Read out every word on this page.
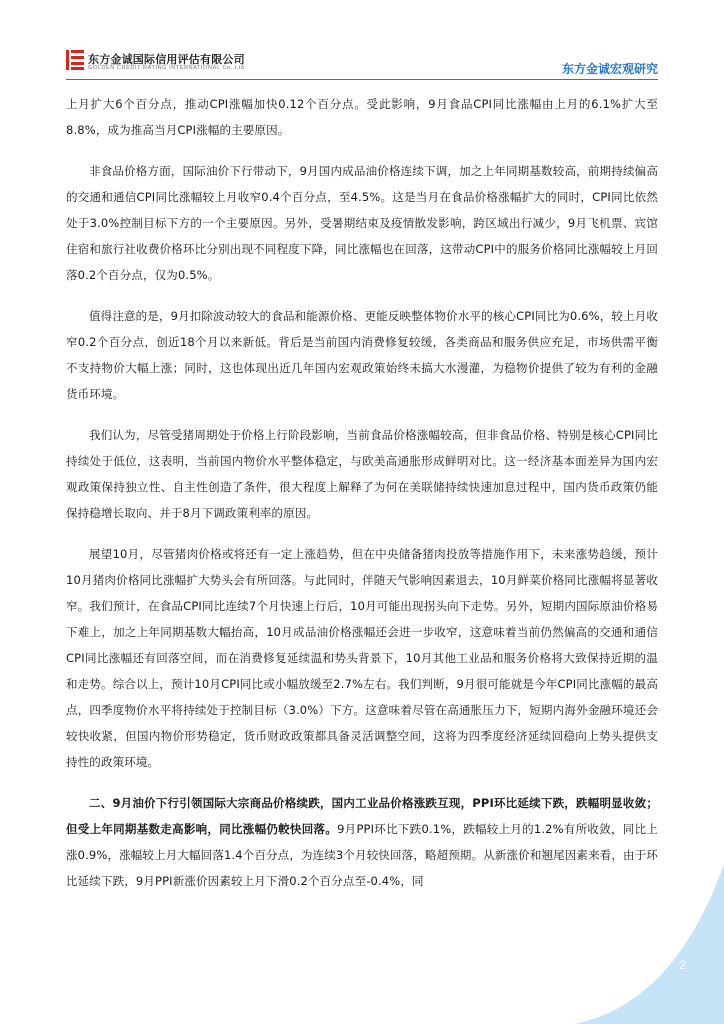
东方金诚国际信用评估有限公司
GOLDEN CREDIT RATING INTERNATIONAL Co.,Ltd.	东方金诚宏观研究

上月扩大6个百分点，推动CPI涨幅加快0.12个百分点。受此影响，9月食品CPI同比涨幅由上月的6.1%扩大至8.8%，成为推高当月CPI涨幅的主要原因。

非食品价格方面，国际油价下行带动下，9月国内成品油价格连续下调，加之上年同期基数较高，前期持续偏高的交通和通信CPI同比涨幅较上月收窄0.4个百分点，至4.5%。这是当月在食品价格涨幅扩大的同时，CPI同比依然处于3.0%控制目标下方的一个主要原因。另外，受暑期结束及疫情散发影响，跨区域出行减少，9月飞机票、宾馆住宿和旅行社收费价格环比分别出现不同程度下降，同比涨幅也在回落，这带动CPI中的服务价格同比涨幅较上月回落0.2个百分点，仅为0.5%。

值得注意的是，9月扣除波动较大的食品和能源价格、更能反映整体物价水平的核心CPI同比为0.6%，较上月收窄0.2个百分点，创近18个月以来新低。背后是当前国内消费修复较缓，各类商品和服务供应充足，市场供需平衡不支持物价大幅上涨；同时，这也体现出近几年国内宏观政策始终未搞大水漫灌，为稳物价提供了较为有利的金融货币环境。

我们认为，尽管受猪周期处于价格上行阶段影响，当前食品价格涨幅较高，但非食品价格、特别是核心CPI同比持续处于低位，这表明，当前国内物价水平整体稳定，与欧美高通胀形成鲜明对比。这一经济基本面差异为国内宏观政策保持独立性、自主性创造了条件，很大程度上解释了为何在美联储持续快速加息过程中，国内货币政策仍能保持稳增长取向、并于8月下调政策利率的原因。

展望10月，尽管猪肉价格或将还有一定上涨趋势，但在中央储备猪肉投放等措施作用下，未来涨势趋缓，预计10月猪肉价格同比涨幅扩大势头会有所回落。与此同时，伴随天气影响因素退去，10月鲜菜价格同比涨幅将显著收窄。我们预计，在食品CPI同比连续7个月快速上行后，10月可能出现拐头向下走势。另外，短期内国际原油价格易下难上，加之上年同期基数大幅抬高，10月成品油价格涨幅还会进一步收窄，这意味着当前仍然偏高的交通和通信CPI同比涨幅还有回落空间，而在消费修复延续温和势头背景下，10月其他工业品和服务价格将大致保持近期的温和走势。综合以上，预计10月CPI同比或小幅放缓至2.7%左右。我们判断，9月很可能就是今年CPI同比涨幅的最高点，四季度物价水平将持续处于控制目标（3.0%）下方。这意味着尽管在高通胀压力下，短期内海外金融环境还会较快收紧，但国内物价形势稳定，货币财政政策都具备灵活调整空间，这将为四季度经济延续回稳向上势头提供支持性的政策环境。

二、9月油价下行引领国际大宗商品价格续跌，国内工业品价格涨跌互现，PPI环比延续下跌，跌幅明显收敛；但受上年同期基数走高影响，同比涨幅仍較快回落。9月PPI环比下跌0.1%，跌幅较上月的1.2%有所收敛，同比上涨0.9%，涨幅较上月大幅回落1.4个百分点，为连续3个月较快回落，略超预期。从新涨价和翘尾因素来看，由于环比延续下跌，9月PPI新涨价因素较上月下滑0.2个百分点至-0.4%，同

2
